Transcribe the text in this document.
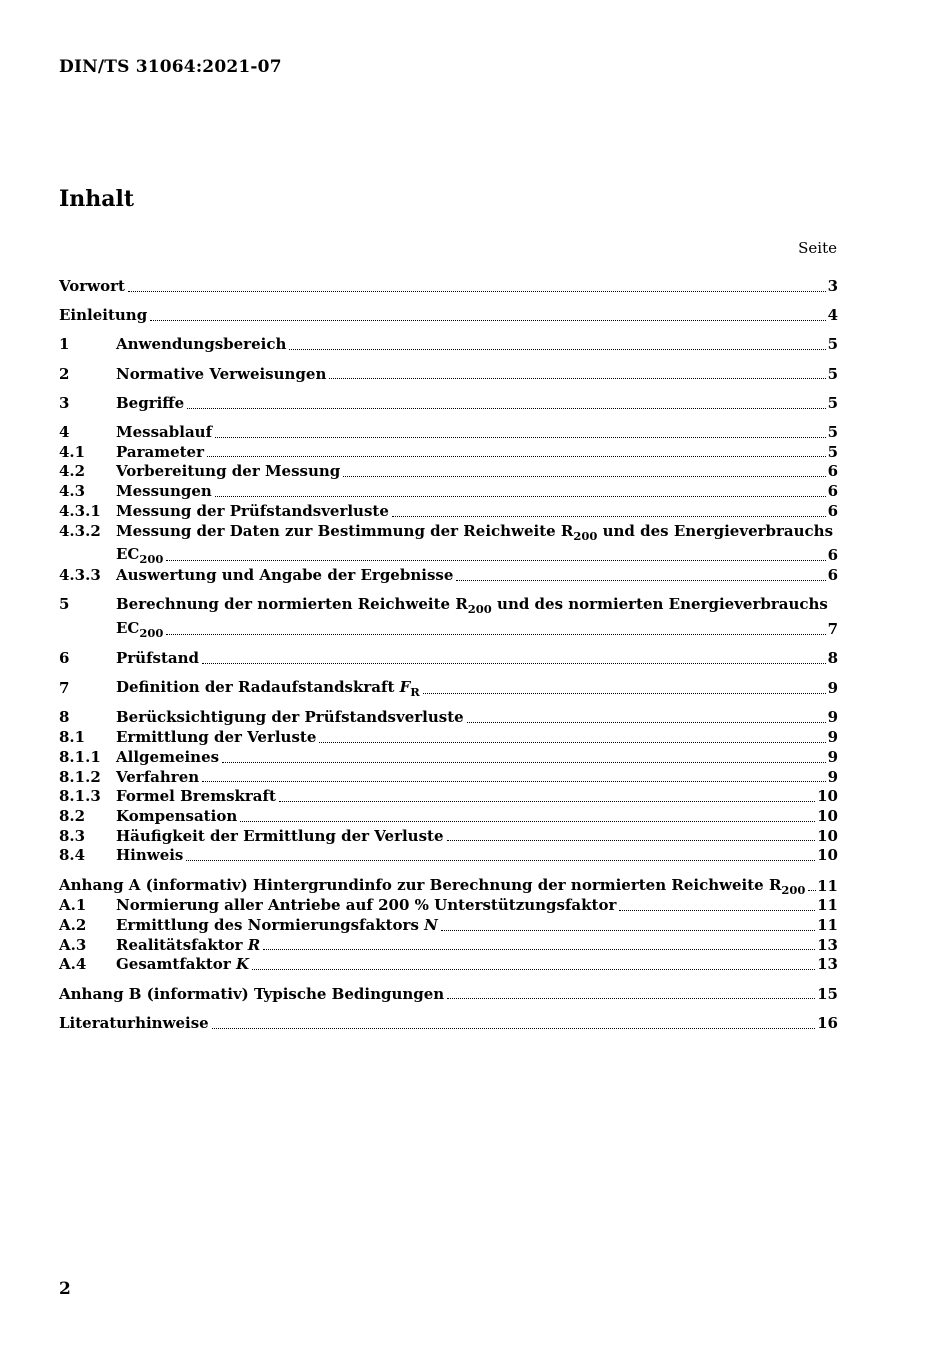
DIN/TS 31064:2021-07

Inhalt

Seite

Vorwort	3
Einleitung	4
1	Anwendungsbereich	5
2	Normative Verweisungen	5
3	Begriffe	5
4	Messablauf	5
4.1	Parameter	5
4.2	Vorbereitung der Messung	6
4.3	Messungen	6
4.3.1	Messung der Prüfstandsverluste	6
4.3.2	Messung der Daten zur Bestimmung der Reichweite $R_{200}$ und des Energieverbrauchs
$EC_{200}$	6
4.3.3	Auswertung und Angabe der Ergebnisse	6
5	Berechnung der normierten Reichweite $R_{200}$ und des normierten Energieverbrauchs
$EC_{200}$	7
6	Prüfstand	8
7	Definition der Radaufstandskraft $F_R$	9
8	Berücksichtigung der Prüfstandsverluste	9
8.1	Ermittlung der Verluste	9
8.1.1	Allgemeines	9
8.1.2	Verfahren	9
8.1.3	Formel Bremskraft	10
8.2	Kompensation	10
8.3	Häufigkeit der Ermittlung der Verluste	10
8.4	Hinweis	10
Anhang A (informativ) Hintergrundinfo zur Berechnung der normierten Reichweite $R_{200}$ 11
A.1	Normierung aller Antriebe auf 200 % Unterstützungsfaktor	11
A.2	Ermittlung des Normierungsfaktors N	11
A.3	Realitätsfaktor R	13
A.4	Gesamtfaktor K	13
Anhang B (informativ) Typische Bedingungen	15
Literaturhinweise	16

2
